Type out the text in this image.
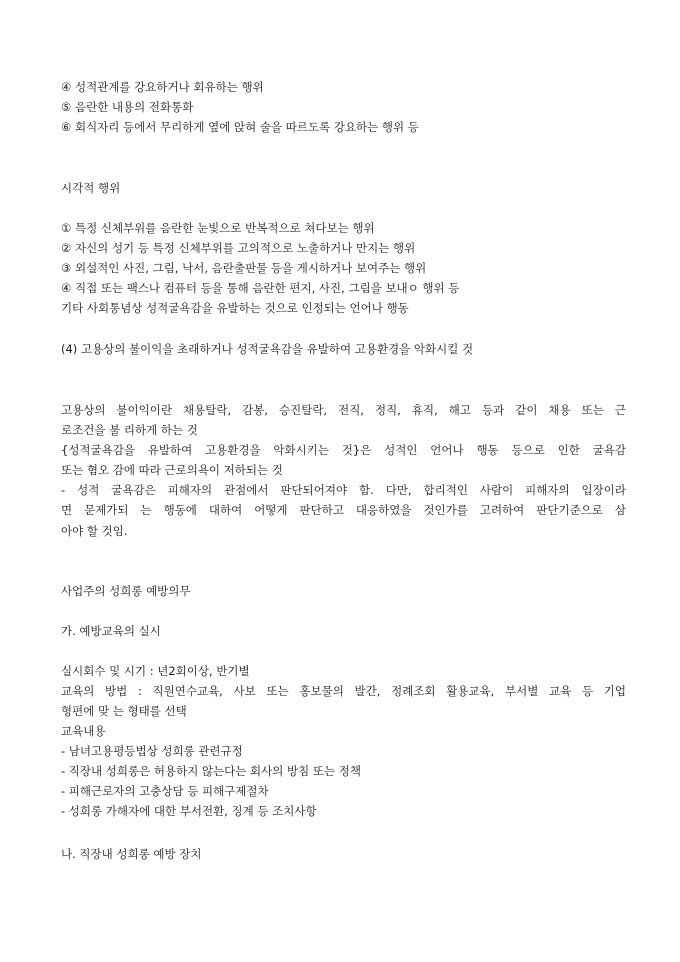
④ 성적관계를 강요하거나 회유하는 행위
⑤ 음란한 내용의 전화통화
⑥ 회식자리 등에서 무리하게 옆에 앉혀 술을 따르도록 강요하는 행위 등
시각적 행위
① 특정 신체부위를 음란한 눈빛으로 반복적으로 쳐다보는 행위
② 자신의 성기 등 특정 신체부위를 고의적으로 노출하거나 만지는 행위
③ 외설적인 사진, 그림, 낙서, 음란출판물 등을 게시하거나 보여주는 행위
④ 직접 또는 팩스나 컴퓨터 등을 통해 음란한 편지, 사진, 그림을 보내ㅇ 행위 등
기타 사회통념상 성적굴욕감을 유발하는 것으로 인정되는 언어나 행동
(4) 고용상의 불이익을 초래하거나 성적굴욕감을 유발하여 고용환경을 악화시킬 것
고용상의 불이익이란 채용탈락, 감봉, 승진탈락, 전직, 정직, 휴직, 해고 등과 같이 채용 또는 근
로조건을 불 리하게 하는 것
{성적굴욕감을 유발하여 고용환경을 악화시키는 것}은 성적인 언어나 행동 등으로 인한 굴욕감
또는 혐오 감에 따라 근로의욕이 저하되는 것
- 성적 굴욕감은 피해자의 관점에서 판단되어져야 함. 다만, 합리적인 사람이 피해자의 입장이라
면 문제가되 는 행동에 대하여 어떻게 판단하고 대응하였을 것인가를 고려하여 판단기준으로 삼
아야 할 것임.
사업주의 성희롱 예방의무
가. 예방교육의 실시
실시회수 및 시기 : 년2회이상, 반기별
교육의 방법 : 직원연수교육, 사보 또는 홍보물의 발간, 정례조회 활용교육, 부서별 교육 등 기업
형편에 맞 는 형태를 선택
교육내용
- 남녀고용평등법상 성희롱 관련규정
- 직장내 성희롱은 허용하지 않는다는 회사의 방침 또는 정책
- 피해근로자의 고충상담 등 피해구제절차
- 성희롱 가해자에 대한 부서전환, 징계 등 조치사항
나. 직장내 성희롱 예방 장치
